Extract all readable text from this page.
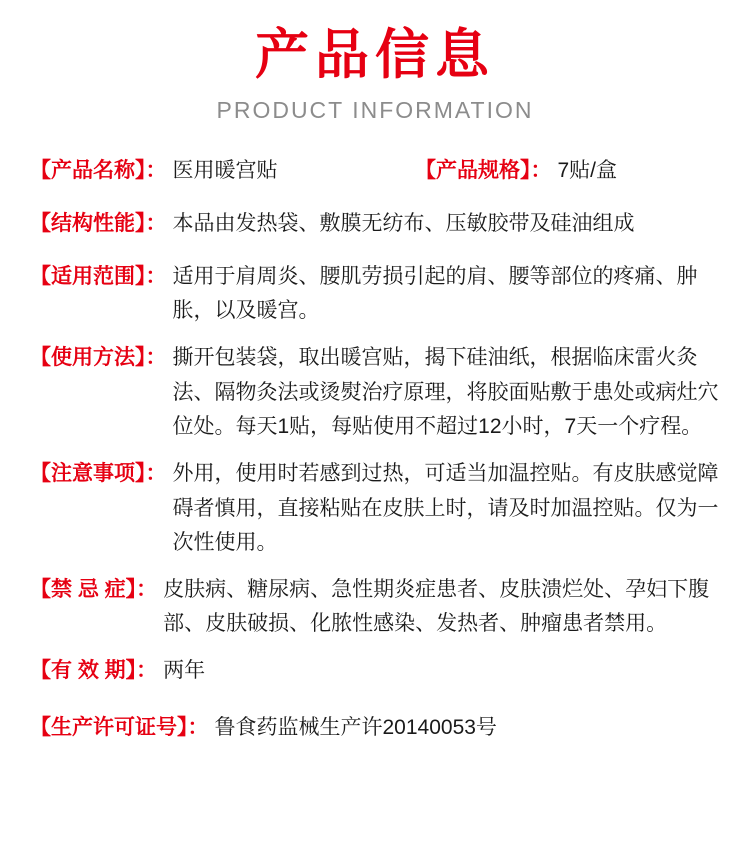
产品信息
PRODUCT INFORMATION
【产品名称】： 医用暖宫贴	【产品规格】： 7贴/盒
【结构性能】： 本品由发热袋、敷膜无纺布、压敏胶带及硅油组成
【适用范围】： 适用于肩周炎、腰肌劳损引起的肩、腰等部位的疼痛、肿胀，以及暖宫。
【使用方法】： 撕开包装袋，取出暖宫贴，揭下硅油纸，根据临床雷火灸法、隔物灸法或烫熨治疗原理，将胶面贴敷于患处或病灶穴位处。每天1贴，每贴使用不超过12小时，7天一个疗程。
【注意事项】： 外用，使用时若感到过热，可适当加温控贴。有皮肤感觉障碍者慎用，直接粘贴在皮肤上时，请及时加温控贴。仅为一次性使用。
【禁 忌 症】： 皮肤病、糖尿病、急性期炎症患者、皮肤溃烂处、孕妇下腹部、皮肤破损、化脓性感染、发热者、肿瘤患者禁用。
【有 效 期】： 两年
【生产许可证号】： 鲁食药监械生产许20140053号
